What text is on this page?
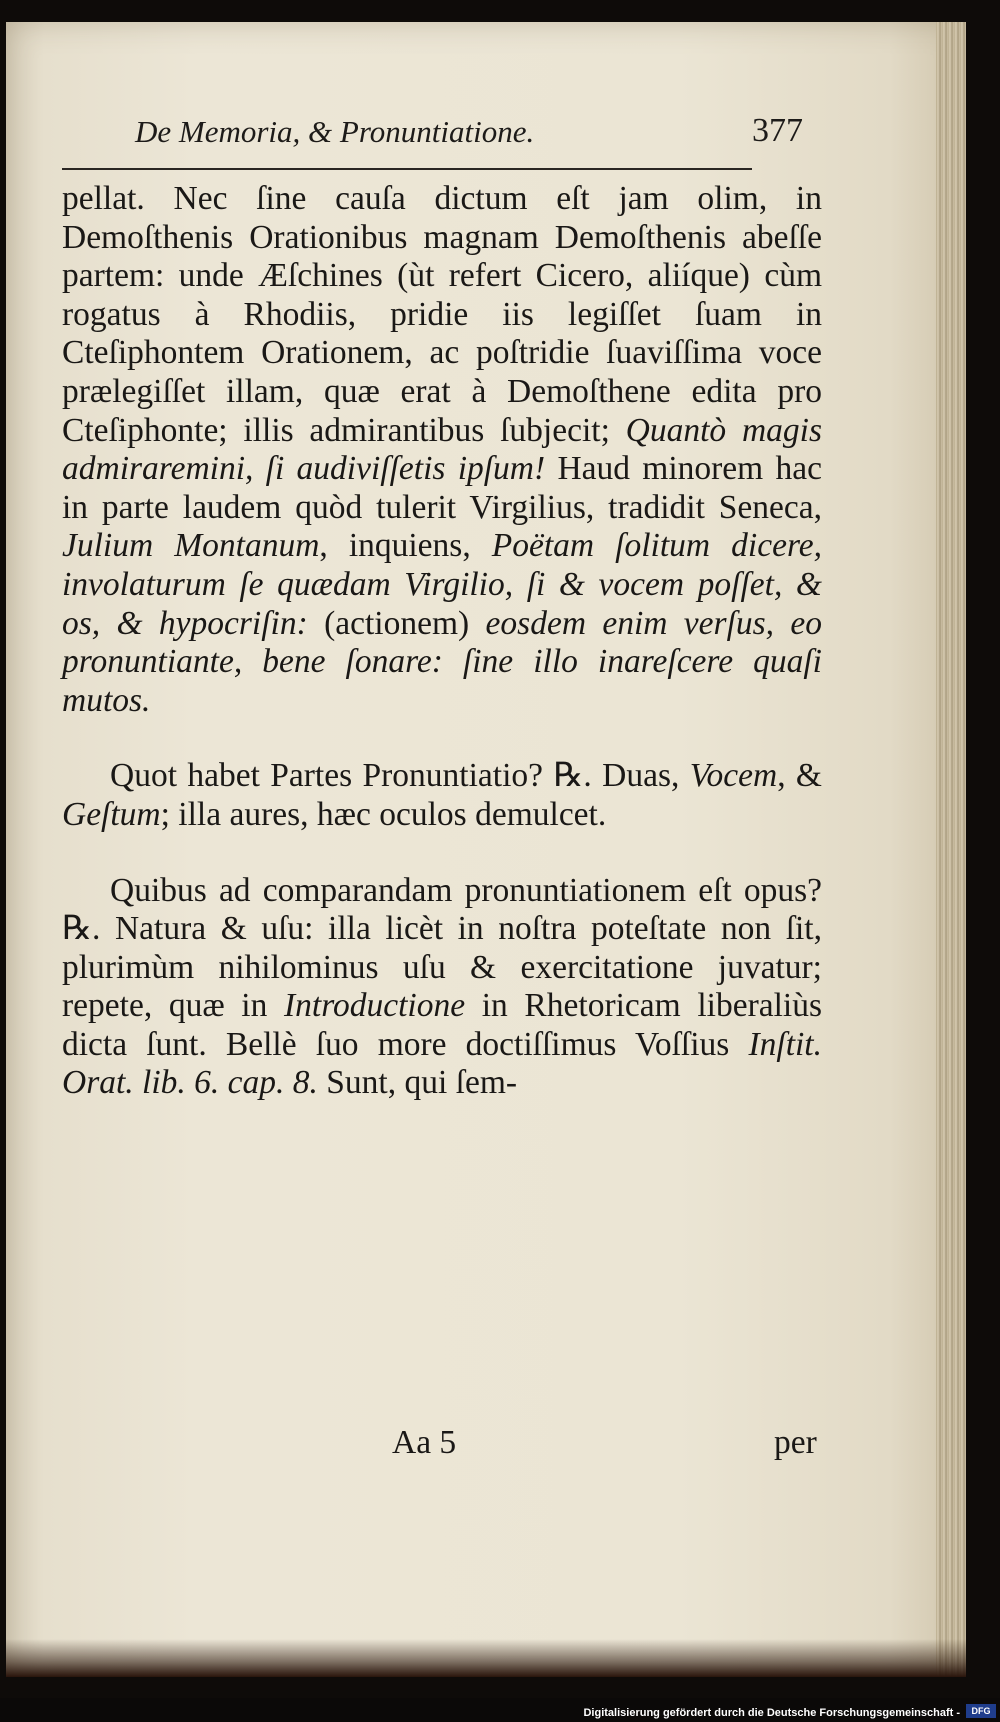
De Memoria, & Pronuntiatione.	377

pellat. Nec ſine cauſa dictum eſt jam olim, in Demoſthenis Orationibus magnam Demoſthenis abeſſe partem: unde Æſchines (ùt refert Cicero, aliíque) cùm rogatus à Rhodiis, pridie iis legiſſet ſuam in Cteſiphontem Orationem, ac poſtridie ſuaviſſima voce prælegiſſet illam, quæ erat à Demoſthene edita pro Cteſiphonte; illis admirantibus ſubjecit; Quantò magis admiraremini, ſi audiviſſetis ipſum! Haud minorem hac in parte laudem quòd tulerit Virgilius, tradidit Seneca, Julium Montanum, inquiens, Poëtam ſolitum dicere, involaturum ſe quædam Virgilio, ſi & vocem poſſet, & os, & hypocriſin: (actionem) eosdem enim verſus, eo pronuntiante, bene ſonare: ſine illo inareſcere quaſi mutos.

Quot habet Partes Pronuntiatio? ℞. Duas, Vocem, & Geſtum; illa aures, hæc oculos demulcet.

Quibus ad comparandam pronuntiationem eſt opus? ℞. Natura & uſu: illa licèt in noſtra poteſtate non ſit, plurimùm nihilominus uſu & exercitatione juvatur; repete, quæ in Introductione in Rhetoricam liberaliùs dicta ſunt. Bellè ſuo more doctiſſimus Voſſius Inſtit. Orat. lib. 6. cap. 8. Sunt, qui ſem-

Aa 5	per
Digitalisierung gefördert durch die Deutsche Forschungsgemeinschaft -	DFG
